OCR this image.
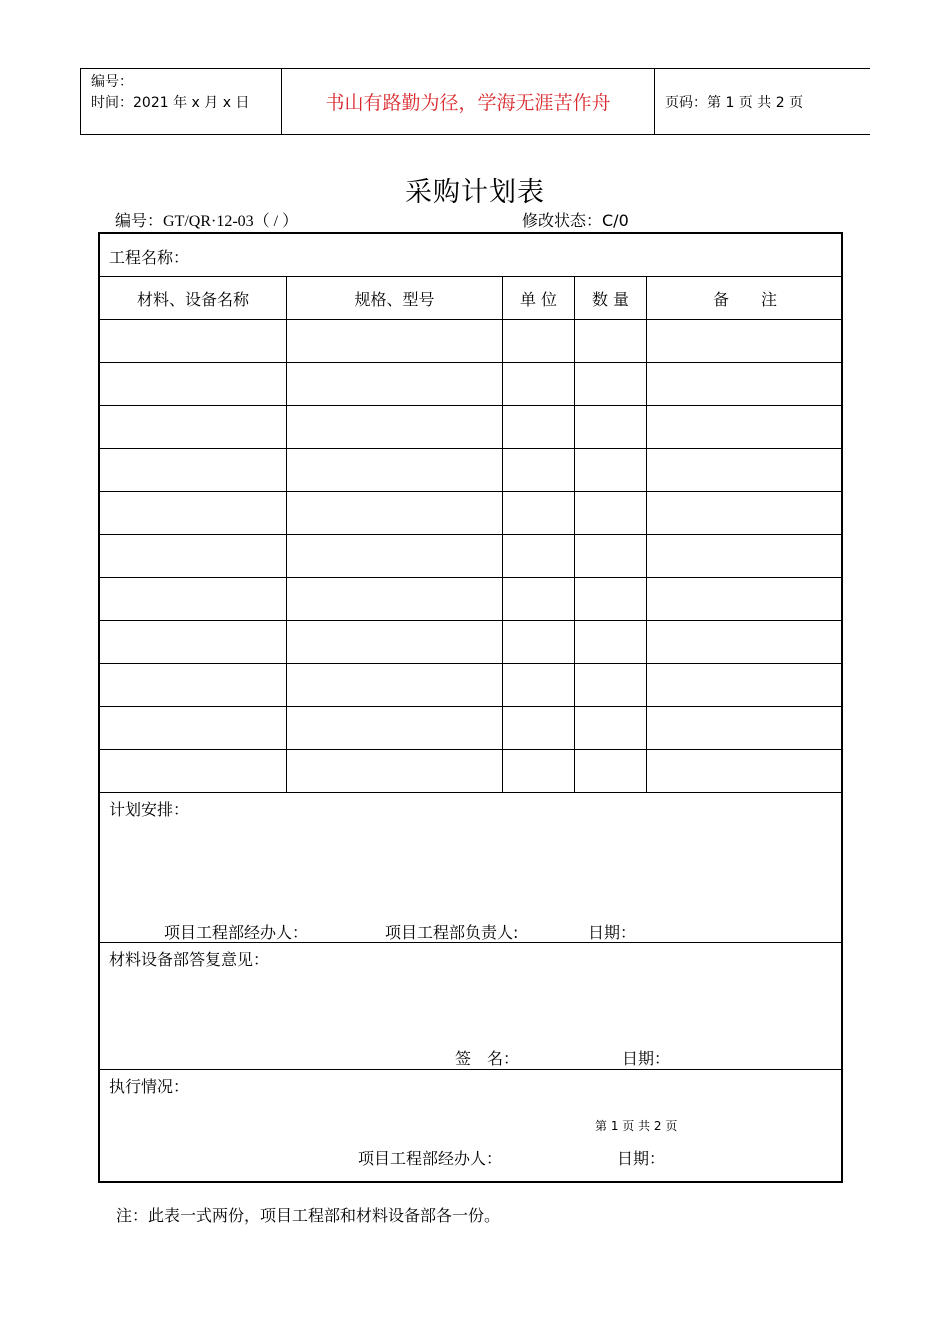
编号：
时间：2021 年 x 月 x 日	书山有路勤为径，学海无涯苦作舟	页码：第 1 页 共 2 页
采购计划表
编号：GT/QR·12-03（ / ）	修改状态：C/0
工程名称：
材料、设备名称	规格、型号	单 位	数 量	备　　注
计划安排：
项目工程部经办人：	项目工程部负责人:	日期：
材料设备部答复意见：
签　名：	日期：
执行情况：
第 1 页 共 2 页
项目工程部经办人：	日期：
注：此表一式两份，项目工程部和材料设备部各一份。
